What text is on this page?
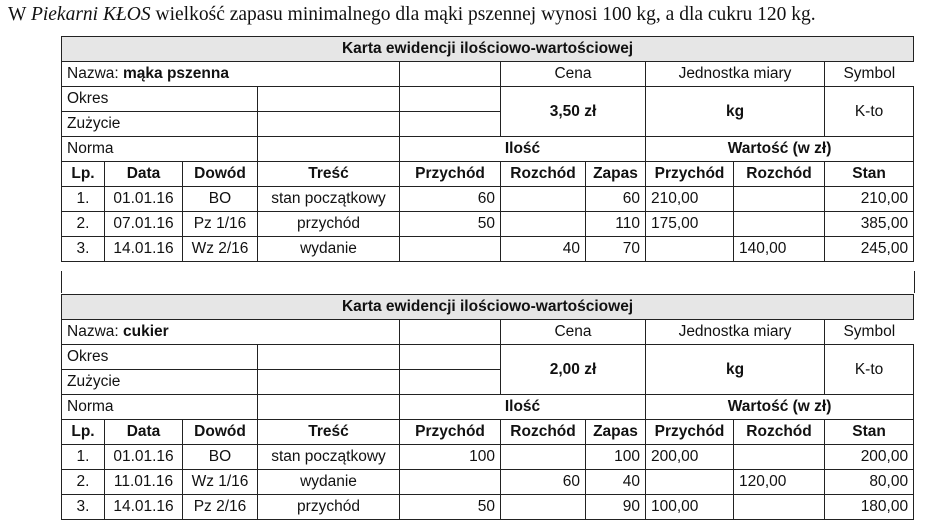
W Piekarni KŁOS wielkość zapasu minimalnego dla mąki pszennej wynosi 100 kg, a dla cukru 120 kg.
Karta ewidencji ilościowo-wartościowej										
Nazwa: mąka pszenna					Cena		Jednostka miary		Symbol	
Okres					3,50 zł		kg		K-to	
Zużycie										
Norma				Ilość			Wartość (w zł)			
Lp.	Data	Dowód	Treść	Przychód	Rozchód	Zapas	Przychód	Rozchód	Stan	
1.	01.01.16	BO	stan początkowy	60		60	210,00		210,00	
2.	07.01.16	Pz 1/16	przychód	50		110	175,00		385,00	
3.	14.01.16	Wz 2/16	wydanie		40	70		140,00	245,00	
Karta ewidencji ilościowo-wartościowej										
Nazwa: cukier					Cena		Jednostka miary		Symbol	
Okres					2,00 zł		kg		K-to	
Zużycie										
Norma				Ilość			Wartość (w zł)			
Lp.	Data	Dowód	Treść	Przychód	Rozchód	Zapas	Przychód	Rozchód	Stan	
1.	01.01.16	BO	stan początkowy	100		100	200,00		200,00	
2.	11.01.16	Wz 1/16	wydanie		60	40		120,00	80,00	
3.	14.01.16	Pz 2/16	przychód	50		90	100,00		180,00	
